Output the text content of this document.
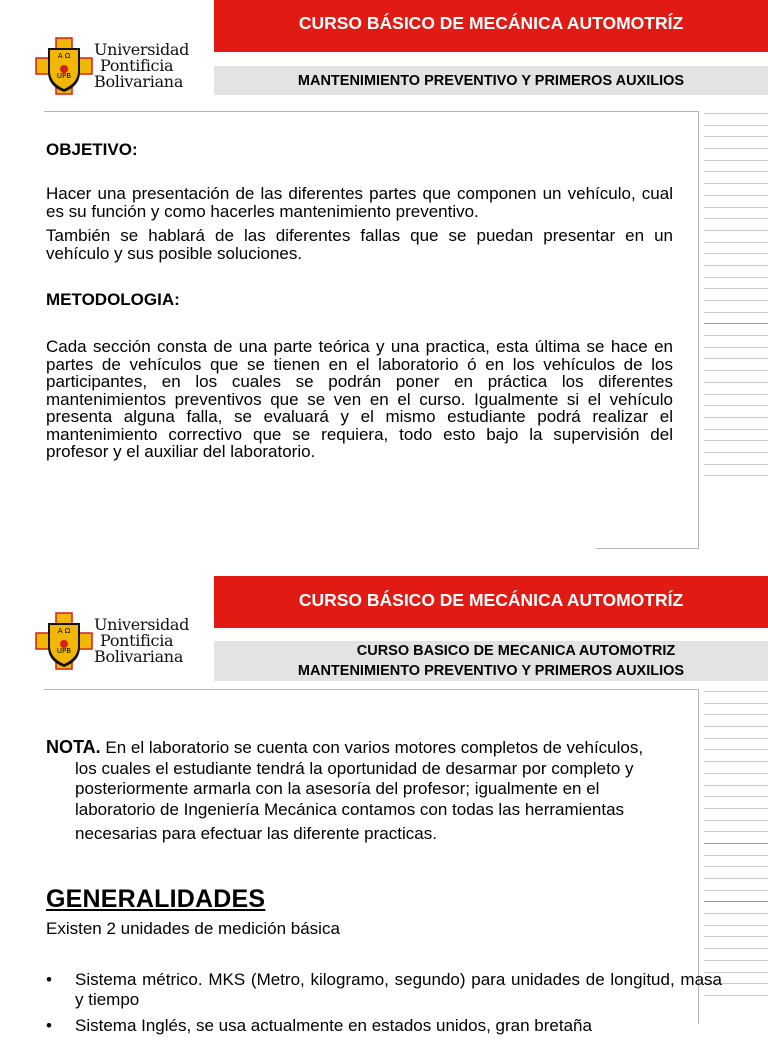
CURSO BÁSICO DE MECÁNICA AUTOMOTRÍZ
MANTENIMIENTO PREVENTIVO Y PRIMEROS AUXILIOS
A Ω
UPB
Universidad
Pontificia
Bolivariana
OBJETIVO:
Hacer una presentación de las diferentes partes que componen un vehículo, cual es su función y como hacerles mantenimiento preventivo.
También se hablará de las diferentes fallas que se puedan presentar en un vehículo y sus posible soluciones.
METODOLOGIA:
Cada sección consta de una parte teórica y una practica, esta última se hace en partes de vehículos que se tienen en el laboratorio ó en los vehículos de los participantes, en los cuales se podrán poner en práctica los diferentes mantenimientos preventivos que se ven en el curso. Igualmente si el vehículo presenta alguna falla, se evaluará y el mismo estudiante podrá realizar el mantenimiento correctivo que se requiera, todo esto bajo la supervisión del profesor y el auxiliar del laboratorio.
CURSO BÁSICO DE MECÁNICA AUTOMOTRÍZ
CURSO BASICO DE MECANICA AUTOMOTRIZ
MANTENIMIENTO PREVENTIVO Y PRIMEROS AUXILIOS
A Ω
UPB
Universidad
Pontificia
Bolivariana
NOTA. En el laboratorio se cuenta con varios motores completos de vehículos,
los cuales el estudiante tendrá la oportunidad de desarmar por completo y
posteriormente armarla con la asesoría del profesor; igualmente en el
laboratorio de Ingeniería Mecánica contamos con todas las herramientas
necesarias para efectuar las diferente practicas.
GENERALIDADES
Existen 2 unidades de medición básica
• Sistema métrico. MKS (Metro, kilogramo, segundo) para unidades de longitud, masa y tiempo
• Sistema Inglés, se usa actualmente en estados unidos, gran bretaña
